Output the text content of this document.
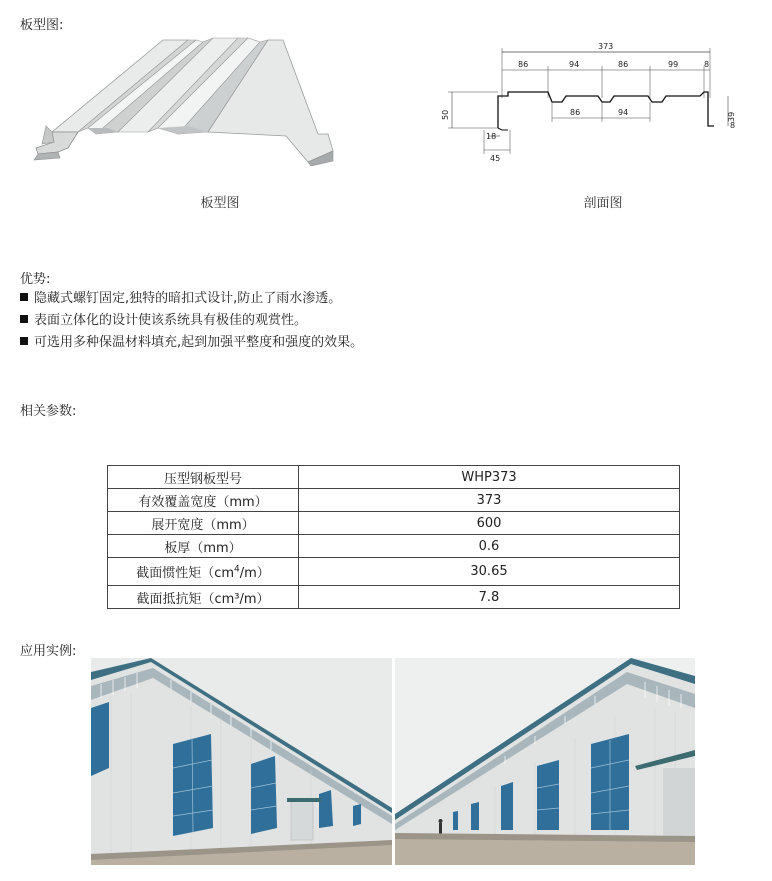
板型图:
板型图
373
86	94	86	99	8
86	94
50	39
8
18
45
剖面图
优势:
隐藏式螺钉固定,独特的暗扣式设计,防止了雨水渗透。
表面立体化的设计使该系统具有极佳的观赏性。
可选用多种保温材料填充,起到加强平整度和强度的效果。
相关参数:
压型钢板型号	WHP373
有效覆盖宽度（mm）	373
展开宽度（mm）	600
板厚（mm）	0.6
截面惯性矩$(cm^4/m)$	30.65
截面抵抗矩（cm³/m）	7.8
应用实例:
